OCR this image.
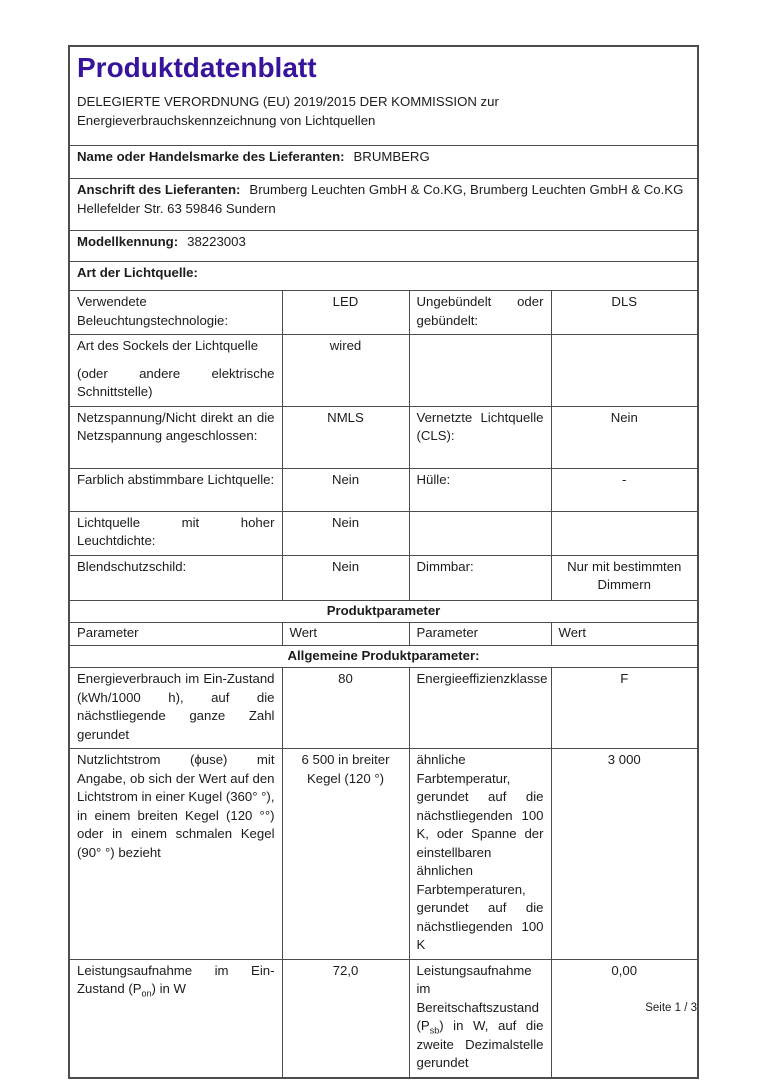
Produktdatenblatt
DELEGIERTE VERORDNUNG (EU) 2019/2015 DER KOMMISSION zur
Energieverbrauchskennzeichnung von Lichtquellen

Name oder Handelsmarke des Lieferanten: BRUMBERG			
Anschrift des Lieferanten: Brumberg Leuchten GmbH & Co.KG, Brumberg Leuchten GmbH & Co.KG Hellefelder Str. 63 59846 Sundern			
Modellkennung: 38223003			
Art der Lichtquelle:			
Verwendete Beleuchtungstechnologie:	LED	Ungebündelt oder gebündelt:	DLS

Art des Sockels der Lichtquelle
(oder andere elektrische Schnittstelle)	wired		
Netzspannung/Nicht direkt an die Netzspannung angeschlossen:	NMLS	Vernetzte Lichtquelle (CLS):	Nein
Farblich abstimmbare Lichtquelle:	Nein	Hülle:	-
Lichtquelle mit hoher Leuchtdichte:	Nein		
Blendschutzschild:	Nein	Dimmbar:	Nur mit bestimmten Dimmern
Produktparameter			
Parameter	Wert	Parameter	Wert
Allgemeine Produktparameter:			
Energieverbrauch im Ein-Zustand (kWh/1000 h), auf die nächstliegende ganze Zahl gerundet	80	Energieeffizienzklasse	F
Nutzlichtstrom (ϕuse) mit Angabe, ob sich der Wert auf den Lichtstrom in einer Kugel (360° °), in einem breiten Kegel (120 °°) oder in einem schmalen Kegel (90° °) bezieht	6 500 in breiter Kegel (120 °)	ähnliche Farbtemperatur, gerundet auf die nächstliegenden 100 K, oder Spanne der einstellbaren ähnlichen Farbtemperaturen, gerundet auf die nächstliegenden 100 K	3 000
Leistungsaufnahme im Ein-Zustand $(P_{on})$ in W	72,0	Leistungsaufnahme im Bereitschaftszustand $(P_{sb})$ in W, auf die zweite Dezimalstelle gerundet	0,00
Seite 1 / 3
